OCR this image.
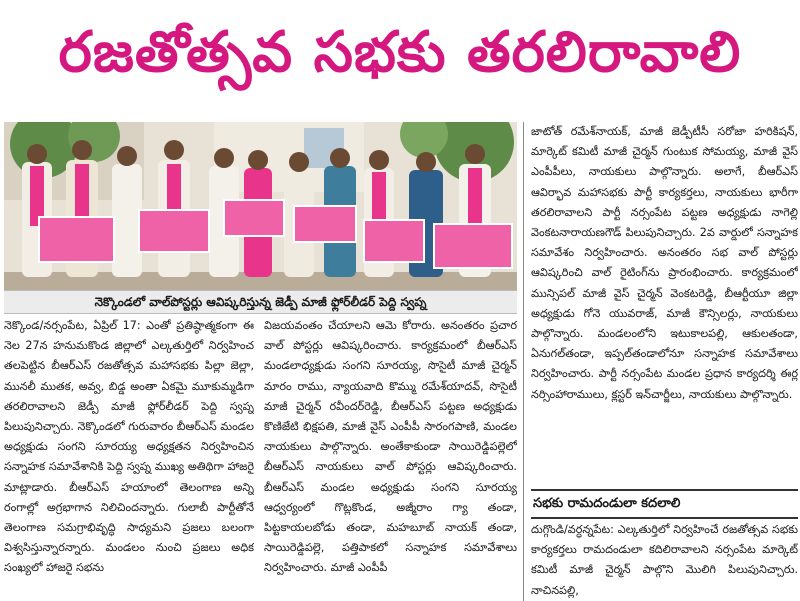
రజతోత్సవ సభకు తరలిరావాలి
నెక్కొండలో వాల్‌పోస్టర్లు ఆవిష్కరిస్తున్న జెడ్పీ మాజీ ఫ్లోర్‌లీడర్ పెద్ది స్వప్న

నెక్కొండ/నర్సంపేట, ఏప్రిల్ 17: ఎంతో ప్రతిష్ఠాత్మకంగా ఈ నెల 27న హనుమకొండ జిల్లాలో ఎల్కతుర్తిలో నిర్వహించ తలపెట్టిన బీఆర్ఎస్ రజతోత్సవ మహాసభకు పిల్లా జెల్లా, మునలీ ముతక, అవ్వ, బిడ్డ అంతా ఏకమై మూకుమ్మడిగా తరలిరావాలని జెడ్పీ మాజీ ఫ్లోర్‌లీడర్ పెద్ది స్వప్న పిలుపునిచ్చారు. నెక్కొండలో గురువారం బీఆర్ఎస్ మండల అధ్యక్షుడు సంగని సూరయ్య అధ్యక్షతన నిర్వహించిన సన్నాహక సమావేశానికి పెద్ది స్వప్న ముఖ్య అతిథిగా హాజరై మాట్లాడారు. బీఆర్ఎస్ హయాంలో తెలంగాణ అన్ని రంగాల్లో అగ్రభాగాన నిలిచిందన్నారు. గులాబీ పార్టీతోనే తెలంగాణ సమగ్రాభివృద్ధి సాధ్యమని ప్రజలు బలంగా విశ్వసిస్తున్నారన్నారు. మండలం నుంచి ప్రజలు అధిక సంఖ్యలో హాజరై సభను

విజయవంతం చేయాలని ఆమె కోరారు. అనంతరం ప్రచార వాల్ పోస్టర్లు ఆవిష్కరించారు. కార్యక్రమంలో బీఆర్ఎస్ మండలాధ్యక్షుడు సంగని సూరయ్య, సొసైటీ మాజీ చైర్మన్ మారం రాము, న్యాయవాది కొమ్ము రమేశ్‌యాదవ్, సొసైటీ మాజీ చైర్మన్ రవీందర్‌రెడ్డి, బీఆర్ఎస్ పట్టణ అధ్యక్షుడు కొణిజేటి భిక్షపతి, మాజీ వైస్ ఎంపీపీ సారంగపాణి, మండల నాయకులు పాల్గొన్నారు. అంతేకాకుండా సాయిరెడ్డిపల్లెలో బీఆర్ఎస్ నాయకులు వాల్ పోస్టర్లు ఆవిష్కరించారు. బీఆర్ఎస్ మండల అధ్యక్షుడు సంగని సూరయ్య ఆధ్వర్యంలో గొట్లకొండ, అజ్మీరాం గ్యా తండా, పిట్టకాయలబోడు తండా, మహబూబ్ నాయక్ తండా, సాయిరెడ్డిపల్లె, పత్తిపాకలో సన్నాహక సమావేశాలు నిర్వహించారు. మాజీ ఎంపీపీ

జాటోత్ రమేశ్‌నాయక్, మాజీ జెడ్పీటీసీ సరోజా హరికిషన్, మార్కెట్ కమిటీ మాజీ చైర్మన్ గుంటుక సోమయ్య, మాజీ వైస్ ఎంపీపీలు, నాయకులు పాల్గొన్నారు. అలాగే, బీఆర్ఎస్ ఆవిర్భావ మహాసభకు పార్టీ కార్యకర్తలు, నాయకులు భారీగా తరలిరావాలని పార్టీ నర్సంపేట పట్టణ అధ్యక్షుడు నాగెల్లి వెంకటనారాయణగౌడ్ పిలుపునిచ్చారు. 2వ వార్డులో సన్నాహక సమావేశం నిర్వహించారు. అనంతరం సభ వాల్ పోస్టర్లు ఆవిష్కరించి వాల్ రైటింగ్‌ను ప్రారంభించారు. కార్యక్రమంలో మున్సిపల్ మాజీ వైస్ చైర్మన్ వెంకటరెడ్డి, బీఆర్టీయూ జిల్లా అధ్యక్షుడు గోనె యువరాజ్, మాజీ కౌన్సిలర్లు, నాయకులు పాల్గొన్నారు. మండలంలోని ఇటుకాలపల్లి, ఆకులతండా, ఏనుగల్‌తండా, ఇప్పల్‌తండాలోనూ సన్నాహక సమావేశాలు నిర్వహించారు. పార్టీ నర్సంపేట మండల ప్రధాన కార్యదర్శి ఈర్ల నర్సింహారాములు, క్లస్టర్ ఇన్‌చార్జీలు, నాయకులు పాల్గొన్నారు.

సభకు రామదండులా కదలాలి

దుగ్గొండి/వర్ధన్నపేట: ఎల్కతుర్తిలో నిర్వహించే రజతోత్సవ సభకు కార్యకర్తలు రామదండులా కదిలిరావాలని నర్సంపేట మార్కెట్ కమిటీ మాజీ చైర్మన్ పాల్గొని మొలిగి పిలుపునిచ్చారు. నాచినపల్లి,
